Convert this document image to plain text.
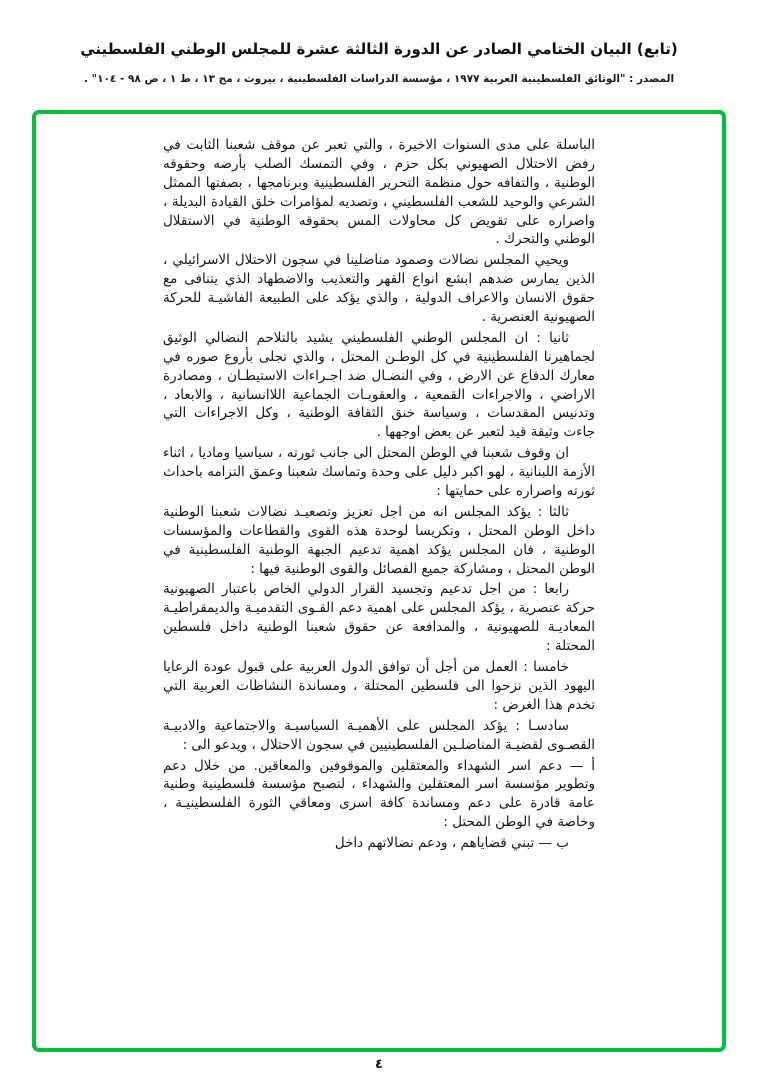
(تابع) البيان الختامي الصادر عن الدورة الثالثة عشرة للمجلس الوطني الفلسطيني
المصدر : "الوثائق الفلسطينية العربية ١٩٧٧ ، مؤسسة الدراسات الفلسطينية ، بيروت ، مج ١٣ ، ط ١ ، ص ٩٨ - ١٠٤" .

الباسلة على مدى السنوات الاخيرة ، والتي تعبر عن موقف شعبنا الثابت في رفض الاحتلال الصهيوني بكل حزم ، وفي التمسك الصلب بأرضه وحقوقه الوطنية ، والتفافه حول منظمة التحرير الفلسطينية وبرنامجها ، بصفتها الممثل الشرعي والوحيد للشعب الفلسطيني ، وتصديه لمؤامرات خلق القيادة البديلة ، واصراره على تقويض كل محاولات المس بحقوقه الوطنية في الاستقلال الوطني والتحرك .

ويحيي المجلس نضالات وصمود مناضلينا في سجون الاحتلال الاسرائيلي ، الذين يمارس ضدهم ابشع انواع القهر والتعذيب والاضطهاد الذي يتنافى مع حقوق الانسان والاعراف الدولية ، والذي يؤكد على الطبيعة الفاشيـة للحركة الصهيونية العنصرية .

ثانيا : ان المجلس الوطني الفلسطيني يشيد بالتلاحم النضالي الوثيق لجماهيرنا الفلسطينية في كل الوطـن المحتل ، والذي تجلى بأروع صوره في معارك الدفاع عن الارض ، وفي النضـال ضد اجـراءات الاستيطـان ، ومصادرة الاراضي ، والاجراءات القمعية ، والعقوبـات الجماعية اللاانسانية ، والابعاد ، وتدنيس المقدسات ، وسياسة خنق الثقافة الوطنية ، وكل الاجراءات التي جاءت وثيقة قيد لتعبر عن بعض اوجهها .

ان وقوف شعبنا في الوطن المحتل الى جانب ثورته ، سياسيا وماديا ، اثناء الأزمة اللبنانية ، لهو اكبر دليل على وحدة وتماسك شعبنا وعمق التزامه باحداث ثورته واصراره على حمايتها :

ثالثا : يؤكد المجلس انه من اجل تعزيز وتصعيـد نضالات شعبنا الوطنية داخل الوطن المحتل ، وتكريسا لوحدة هذه القوى والقطاعات والمؤسسات الوطنية ، فان المجلس يؤكد اهمية تدعيم الجبهة الوطنية الفلسطينية في الوطن المحتل ، ومشاركة جميع الفصائل والقوى الوطنية فيها :

رابعا : من اجل تدعيم وتجسيد القرار الدولي الخاص باعتبار الصهيونية حركة عنصرية ، يؤكد المجلس على اهمية دعم القـوى التقدميـة والديمقراطيـة المعاديـة للصهيونية ، والمدافعة عن حقوق شعبنا الوطنية داخل فلسطين المحتلة :

خامسا : العمل من أجل أن توافق الدول العربية على قبول عودة الرعايا اليهود الذين نزحوا الى فلسطين المحتلة ، ومساندة النشاطات العربية التي تخدم هذا الغرض :

سادسـا : يؤكد المجلس على الأهميـة السياسيـة والاجتماعية والادبيـة القصـوى لقضيـة المناضلـين الفلسطينيين في سجون الاحتلال ، ويدعو الى :

أ — دعم اسر الشهداء والمعتقلين والموقوفين والمعاقين. من خلال دعم وتطوير مؤسسة اسر المعتقلين والشهداء ، لتصبح مؤسسة فلسطينية وطنية عامة قادرة على دعم ومساندة كافة اسرى ومعاقي الثورة الفلسطينيـة ، وخاصة في الوطن المحتل :

ب — تبني قضاياهم ، ودعم نضالاتهم داخل

٤
